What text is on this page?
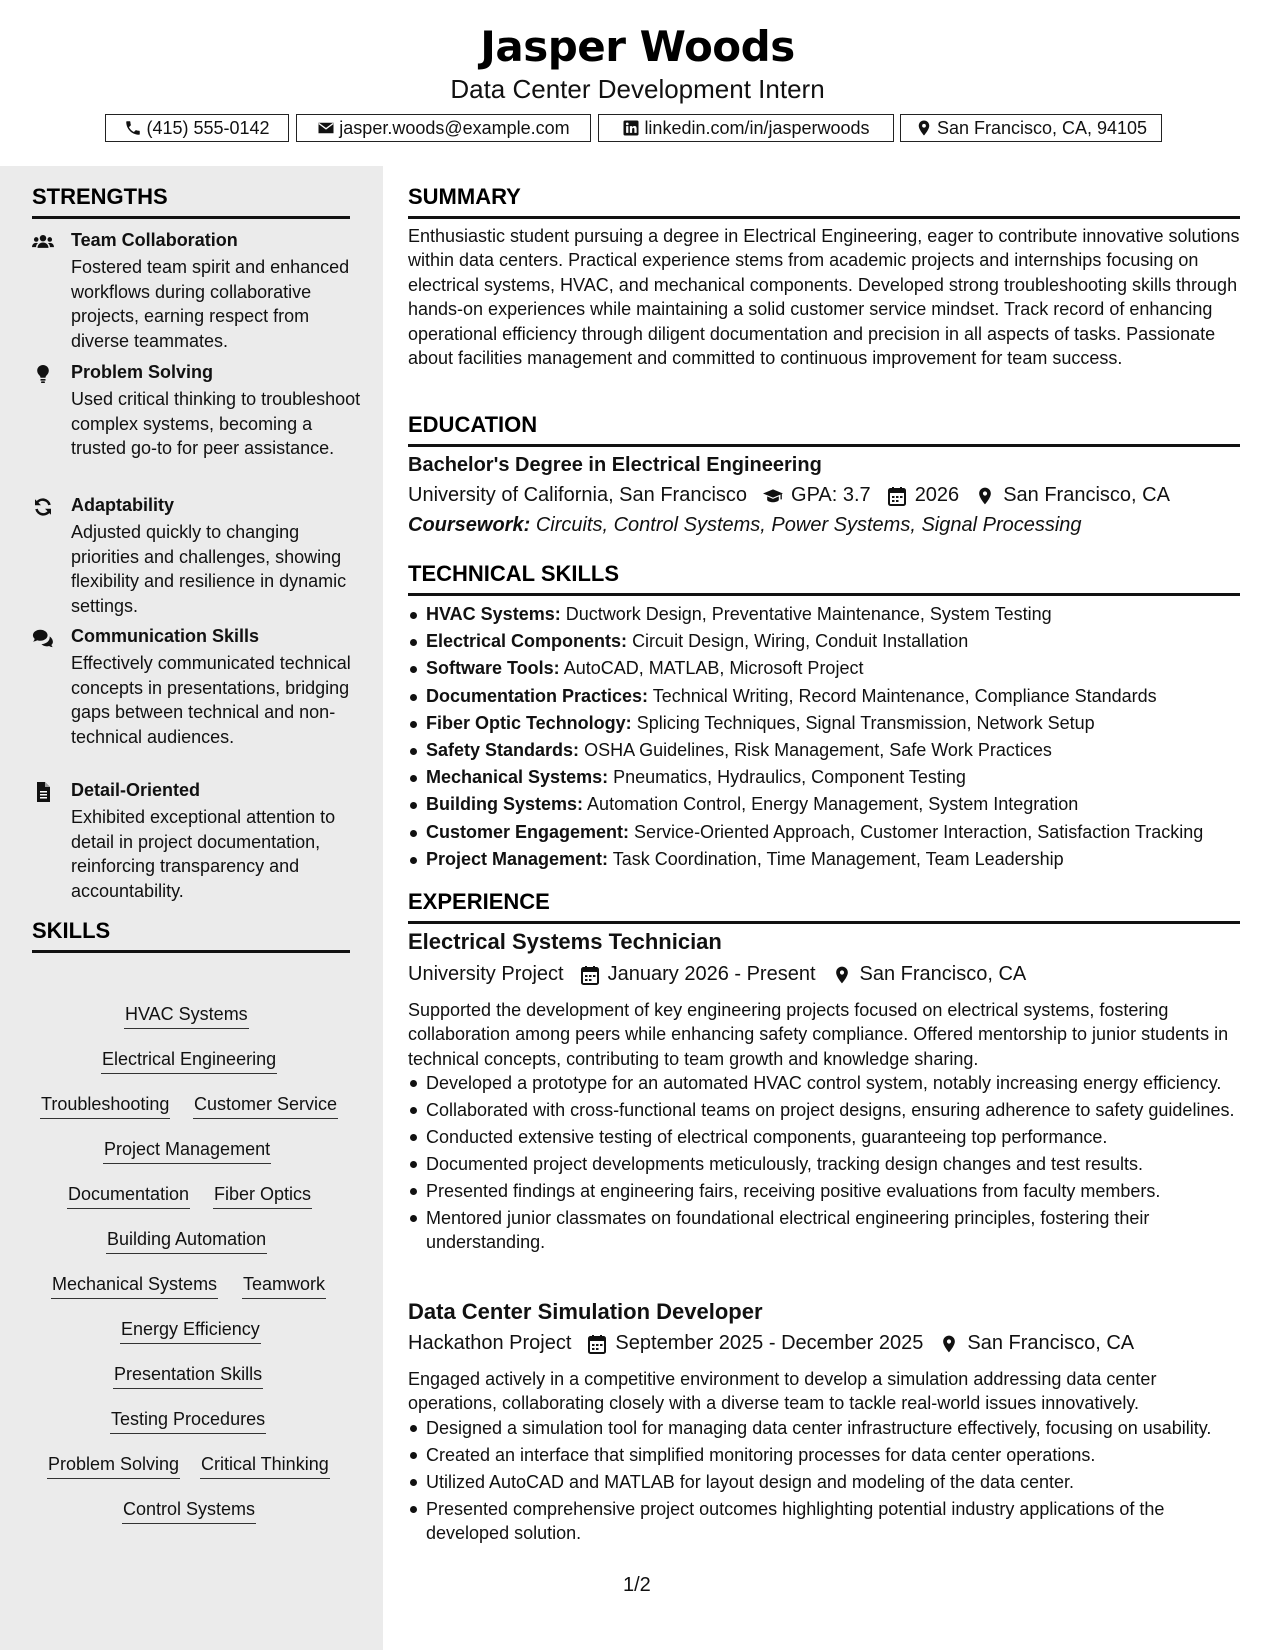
Jasper Woods
Data Center Development Intern
(415) 555-0142	jasper.woods@example.com	linkedin.com/in/jasperwoods	San Francisco, CA, 94105
STRENGTHS
Team Collaboration
Fostered team spirit and enhanced workflows during collaborative projects, earning respect from diverse teammates.
Problem Solving
Used critical thinking to troubleshoot complex systems, becoming a trusted go-to for peer assistance.
Adaptability
Adjusted quickly to changing priorities and challenges, showing flexibility and resilience in dynamic settings.
Communication Skills
Effectively communicated technical concepts in presentations, bridging gaps between technical and non-technical audiences.
Detail-Oriented
Exhibited exceptional attention to detail in project documentation, reinforcing transparency and accountability.
SKILLS
HVAC Systems
Electrical Engineering
Troubleshooting Customer Service
Project Management
Documentation Fiber Optics
Building Automation
Mechanical Systems Teamwork
Energy Efficiency
Presentation Skills
Testing Procedures
Problem Solving Critical Thinking
Control Systems
SUMMARY
Enthusiastic student pursuing a degree in Electrical Engineering, eager to contribute innovative solutions within data centers. Practical experience stems from academic projects and internships focusing on electrical systems, HVAC, and mechanical components. Developed strong troubleshooting skills through hands-on experiences while maintaining a solid customer service mindset. Track record of enhancing operational efficiency through diligent documentation and precision in all aspects of tasks. Passionate about facilities management and committed to continuous improvement for team success.
EDUCATION
Bachelor's Degree in Electrical Engineering
University of California, San Francisco GPA: 3.7 2026 San Francisco, CA
Coursework: Circuits, Control Systems, Power Systems, Signal Processing
TECHNICAL SKILLS
HVAC Systems: Ductwork Design, Preventative Maintenance, System Testing
Electrical Components: Circuit Design, Wiring, Conduit Installation
Software Tools: AutoCAD, MATLAB, Microsoft Project
Documentation Practices: Technical Writing, Record Maintenance, Compliance Standards
Fiber Optic Technology: Splicing Techniques, Signal Transmission, Network Setup
Safety Standards: OSHA Guidelines, Risk Management, Safe Work Practices
Mechanical Systems: Pneumatics, Hydraulics, Component Testing
Building Systems: Automation Control, Energy Management, System Integration
Customer Engagement: Service-Oriented Approach, Customer Interaction, Satisfaction Tracking
Project Management: Task Coordination, Time Management, Team Leadership
EXPERIENCE
Electrical Systems Technician
University Project January 2026 - Present San Francisco, CA
Supported the development of key engineering projects focused on electrical systems, fostering collaboration among peers while enhancing safety compliance. Offered mentorship to junior students in technical concepts, contributing to team growth and knowledge sharing.
Developed a prototype for an automated HVAC control system, notably increasing energy efficiency.
Collaborated with cross-functional teams on project designs, ensuring adherence to safety guidelines.
Conducted extensive testing of electrical components, guaranteeing top performance.
Documented project developments meticulously, tracking design changes and test results.
Presented findings at engineering fairs, receiving positive evaluations from faculty members.
Mentored junior classmates on foundational electrical engineering principles, fostering their understanding.
Data Center Simulation Developer
Hackathon Project September 2025 - December 2025 San Francisco, CA
Engaged actively in a competitive environment to develop a simulation addressing data center operations, collaborating closely with a diverse team to tackle real-world issues innovatively.
Designed a simulation tool for managing data center infrastructure effectively, focusing on usability.
Created an interface that simplified monitoring processes for data center operations.
Utilized AutoCAD and MATLAB for layout design and modeling of the data center.
Presented comprehensive project outcomes highlighting potential industry applications of the developed solution.
1/2
